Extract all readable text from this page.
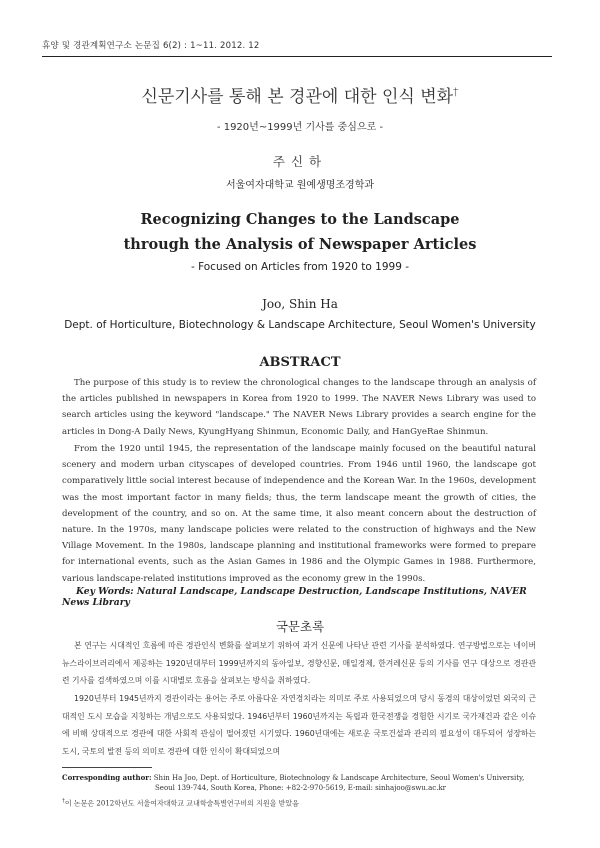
휴양 및 경관계획연구소 논문집 6(2) : 1~11. 2012. 12
신문기사를 통해 본 경관에 대한 인식 변화†
- 1920년~1999년 기사를 중심으로 -
주신하
서울여자대학교 원예생명조경학과
Recognizing Changes to the Landscape
through the Analysis of Newspaper Articles
- Focused on Articles from 1920 to 1999 -
Joo, Shin Ha
Dept. of Horticulture, Biotechnology & Landscape Architecture, Seoul Women's University
ABSTRACT

The purpose of this study is to review the chronological changes to the landscape through an analysis of the articles published in newspapers in Korea from 1920 to 1999. The NAVER News Library was used to search articles using the keyword "landscape." The NAVER News Library provides a search engine for the articles in Dong-A Daily News, KyungHyang Shinmun, Economic Daily, and HanGyeRae Shinmun.

From the 1920 until 1945, the representation of the landscape mainly focused on the beautiful natural scenery and modern urban cityscapes of developed countries. From 1946 until 1960, the landscape got comparatively little social interest because of independence and the Korean War. In the 1960s, development was the most important factor in many fields; thus, the term landscape meant the growth of cities, the development of the country, and so on. At the same time, it also meant concern about the destruction of nature. In the 1970s, many landscape policies were related to the construction of highways and the New Village Movement. In the 1980s, landscape planning and institutional frameworks were formed to prepare for international events, such as the Asian Games in 1986 and the Olympic Games in 1988. Furthermore, various landscape-related institutions improved as the economy grew in the 1990s.

Key Words: Natural Landscape, Landscape Destruction, Landscape Institutions, NAVER News Library
국문초록

본 연구는 시대적인 흐름에 따른 경관인식 변화를 살펴보기 위하여 과거 신문에 나타난 관련 기사를 분석하였다. 연구방법으로는 네이버 뉴스라이브러리에서 제공하는 1920년대부터 1999년까지의 동아일보, 경향신문, 매일경제, 한겨레신문 등의 기사를 연구 대상으로 경관관련 기사를 검색하였으며 이를 시대별로 흐름을 살펴보는 방식을 취하였다.

1920년부터 1945년까지 경관이라는 용어는 주로 아름다운 자연경치라는 의미로 주로 사용되었으며 당시 동경의 대상이었던 외국의 근대적인 도시 모습을 지칭하는 개념으로도 사용되었다. 1946년부터 1960년까지는 독립과 한국전쟁을 경험한 시기로 국가재건과 같은 이슈에 비해 상대적으로 경관에 대한 사회적 관심이 떨어졌던 시기였다. 1960년대에는 새로운 국토건설과 관리의 필요성이 대두되어 성장하는 도시, 국토의 발전 등의 의미로 경관에 대한 인식이 확대되었으며

Corresponding author: Shin Ha Joo, Dept. of Horticulture, Biotechnology & Landscape Architecture, Seoul Women's University,
Seoul 139-744, South Korea, Phone: +82-2-970-5619, E-mail: sinhajoo@swu.ac.kr
†이 논문은 2012학년도 서울여자대학교 교내학술특별연구비의 지원을 받았음
